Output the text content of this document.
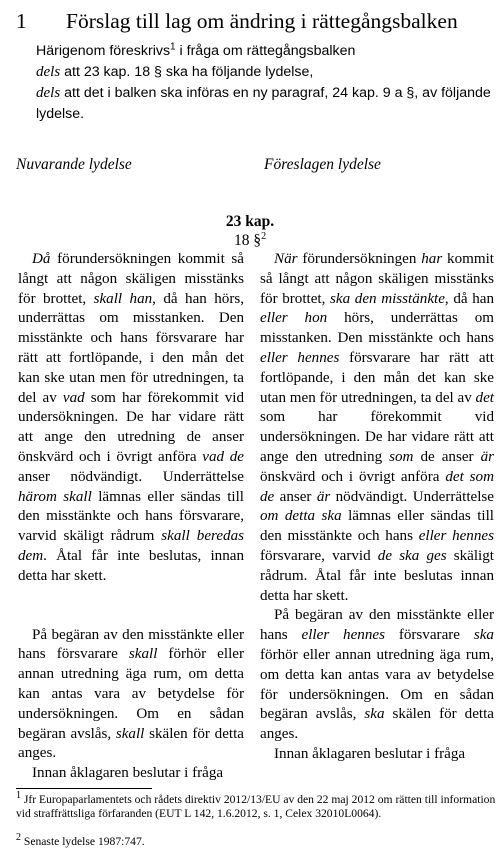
1 Förslag till lag om ändring i rättegångsbalken

Härigenom föreskrivs$^1$ i fråga om rättegångsbalken

dels att 23 kap. 18 § ska ha följande lydelse,

dels att det i balken ska införas en ny paragraf, 24 kap. 9 a §, av följande lydelse.

Nuvarande lydelse	Föreslagen lydelse
23 kap.
18 §$^2$

Då förundersökningen kommit så långt att någon skäligen misstänks för brottet, skall han, då han hörs, underrättas om misstanken. Den misstänkte och hans försvarare har rätt att fortlöpande, i den mån det kan ske utan men för utredningen, ta del av vad som har förekommit vid undersökningen. De har vidare rätt att ange den utredning de anser önskvärd och i övrigt anföra vad de anser nödvändigt. Underrättelse härom skall lämnas eller sändas till den misstänkte och hans försvarare, varvid skäligt rådrum skall beredas dem. Åtal får inte beslutas, innan detta har skett.

På begäran av den misstänkte eller hans försvarare skall förhör eller annan utredning äga rum, om detta kan antas vara av betydelse för undersökningen. Om en sådan begäran avslås, skall skälen för detta anges.

Innan åklagaren beslutar i fråga

När förundersökningen har kommit så långt att någon skäligen misstänks för brottet, ska den misstänkte, då han eller hon hörs, underrättas om misstanken. Den misstänkte och hans eller hennes försvarare har rätt att fortlöpande, i den mån det kan ske utan men för utredningen, ta del av det som har förekommit vid undersökningen. De har vidare rätt att ange den utredning som de anser är önskvärd och i övrigt anföra det som de anser är nödvändigt. Underrättelse om detta ska lämnas eller sändas till den misstänkte och hans eller hennes försvarare, varvid de ska ges skäligt rådrum. Åtal får inte beslutas innan detta har skett.

På begäran av den misstänkte eller hans eller hennes försvarare ska förhör eller annan utredning äga rum, om detta kan antas vara av betydelse för undersökningen. Om en sådan begäran avslås, ska skälen för detta anges.

Innan åklagaren beslutar i fråga

$^1$ Jfr Europaparlamentets och rådets direktiv 2012/13/EU av den 22 maj 2012 om rätten till information vid straffrättsliga förfaranden (EUT L 142, 1.6.2012, s. 1, Celex 32010L0064).
$^2$ Senaste lydelse 1987:747.
